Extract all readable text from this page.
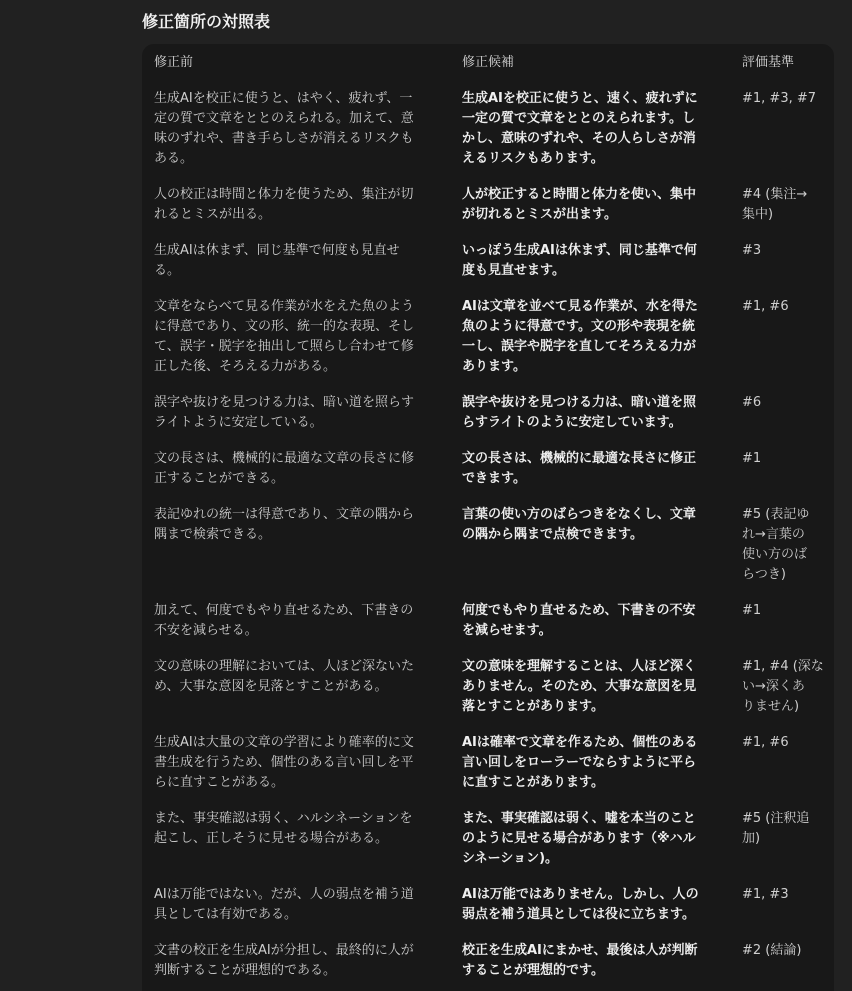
修正箇所の対照表
修正前	修正候補	評価基準
生成AIを校正に使うと、はやく、疲れず、一
定の質で文章をととのえられる。加えて、意
味のずれや、書き手らしさが消えるリスクも
ある。
生成AIを校正に使うと、速く、疲れずに
一定の質で文章をととのえられます。し
かし、意味のずれや、その人らしさが消
えるリスクもあります。
#1, #3, #7
人の校正は時間と体力を使うため、集注が切
れるとミスが出る。
人が校正すると時間と体力を使い、集中
が切れるとミスが出ます。
#4 (集注→
集中)
生成AIは休まず、同じ基準で何度も見直せ
る。
いっぽう生成AIは休まず、同じ基準で何
度も見直せます。
#3
文章をならべて見る作業が水をえた魚のよう
に得意であり、文の形、統一的な表現、そし
て、誤字・脱字を抽出して照らし合わせて修
正した後、そろえる力がある。
AIは文章を並べて見る作業が、水を得た
魚のように得意です。文の形や表現を統
一し、誤字や脱字を直してそろえる力が
あります。
#1, #6
誤字や抜けを見つける力は、暗い道を照らす
ライトように安定している。
誤字や抜けを見つける力は、暗い道を照
らすライトのように安定しています。
#6
文の長さは、機械的に最適な文章の長さに修
正することができる。
文の長さは、機械的に最適な長さに修正
できます。
#1
表記ゆれの統一は得意であり、文章の隅から
隅まで検索できる。
言葉の使い方のばらつきをなくし、文章
の隅から隅まで点検できます。
#5 (表記ゆ
れ→言葉の
使い方のば
らつき)
加えて、何度でもやり直せるため、下書きの
不安を減らせる。
何度でもやり直せるため、下書きの不安
を減らせます。
#1
文の意味の理解においては、人ほど深ないた
め、大事な意図を見落とすことがある。
文の意味を理解することは、人ほど深く
ありません。そのため、大事な意図を見
落とすことがあります。
#1, #4 (深な
い→深くあ
りません)
生成AIは大量の文章の学習により確率的に文
書生成を行うため、個性のある言い回しを平
らに直すことがある。
AIは確率で文章を作るため、個性のある
言い回しをローラーでならすように平ら
に直すことがあります。
#1, #6
また、事実確認は弱く、ハルシネーションを
起こし、正しそうに見せる場合がある。
また、事実確認は弱く、嘘を本当のこと
のように見せる場合があります（※ハル
シネーション)。
#5 (注釈追
加)
AIは万能ではない。だが、人の弱点を補う道
具としては有効である。
AIは万能ではありません。しかし、人の
弱点を補う道具としては役に立ちます。
#1, #3
文書の校正を生成AIが分担し、最終的に人が
判断することが理想的である。
校正を生成AIにまかせ、最後は人が判断
することが理想的です。
#2 (結論)
